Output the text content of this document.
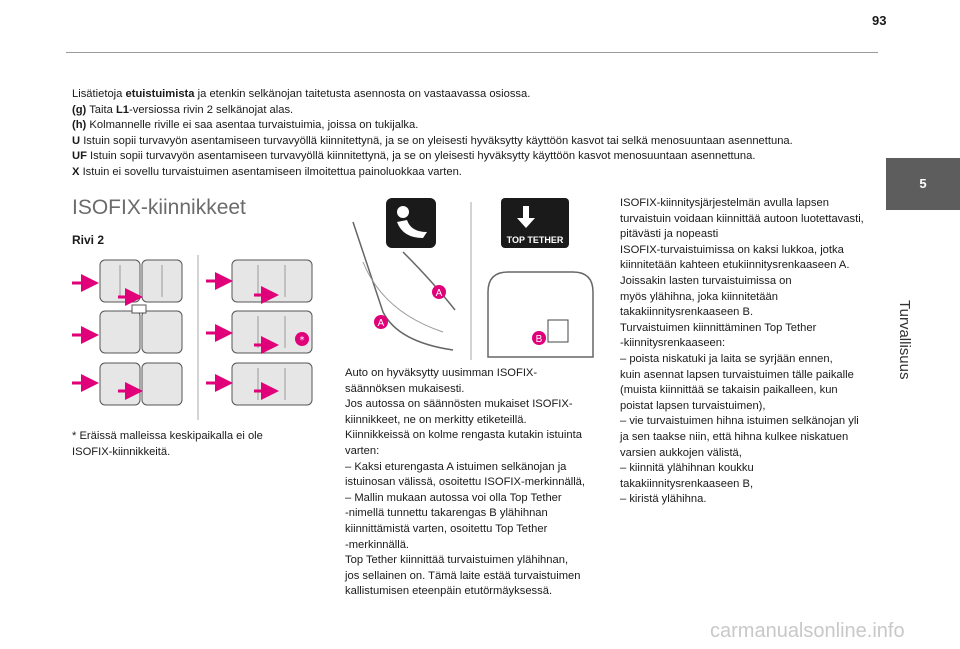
93
5
Turvallisuus

Lisätietoja etuistuimista ja etenkin selkänojan taitetusta asennosta on vastaavassa osiossa.

(g) Taita L1-versiossa rivin 2 selkänojat alas.

(h) Kolmannelle riville ei saa asentaa turvaistuimia, joissa on tukijalka.

U Istuin sopii turvavyön asentamiseen turvavyöllä kiinnitettynä, ja se on yleisesti hyväksytty käyttöön kasvot tai selkä menosuuntaan asennettuna.

UF Istuin sopii turvavyön asentamiseen turvavyöllä kiinnitettynä, ja se on yleisesti hyväksytty käyttöön kasvot menosuuntaan asennettuna.

X Istuin ei sovellu turvaistuimen asentamiseen ilmoitettua painoluokkaa varten.

ISOFIX-kiinnikkeet
Rivi 2
*
TOP TETHER
A
A
B

* Eräissä malleissa keskipaikalla ei ole

ISOFIX-kiinnikkeitä.

Auto on hyväksytty uusimman ISOFIX-

säännöksen mukaisesti.

Jos autossa on säännösten mukaiset ISOFIX-

kiinnikkeet, ne on merkitty etiketeillä.

Kiinnikkeissä on kolme rengasta kutakin istuinta

varten:

– Kaksi eturengasta A istuimen selkänojan ja

istuinosan välissä, osoitettu ISOFIX-merkinnällä,

– Mallin mukaan autossa voi olla Top Tether

-nimellä tunnettu takarengas B ylähihnan

kiinnittämistä varten, osoitettu Top Tether

-merkinnällä.

Top Tether kiinnittää turvaistuimen ylähihnan,

jos sellainen on. Tämä laite estää turvaistuimen

kallistumisen eteenpäin etutörmäyksessä.

ISOFIX-kiinnitysjärjestelmän avulla lapsen

turvaistuin voidaan kiinnittää autoon luotettavasti,

pitävästi ja nopeasti

ISOFIX-turvaistuimissa on kaksi lukkoa, jotka

kiinnitetään kahteen etukiinnitysrenkaaseen A.

Joissakin lasten turvaistuimissa on

myös ylähihna, joka kiinnitetään

takakiinnitysrenkaaseen B.

Turvaistuimen kiinnittäminen Top Tether

-kiinnitysrenkaaseen:

– poista niskatuki ja laita se syrjään ennen,

kuin asennat lapsen turvaistuimen tälle paikalle

(muista kiinnittää se takaisin paikalleen, kun

poistat lapsen turvaistuimen),

– vie turvaistuimen hihna istuimen selkänojan yli

ja sen taakse niin, että hihna kulkee niskatuen

varsien aukkojen välistä,

– kiinnitä ylähihnan koukku

takakiinnitysrenkaaseen B,

– kiristä ylähihna.

carmanualsonline.info
